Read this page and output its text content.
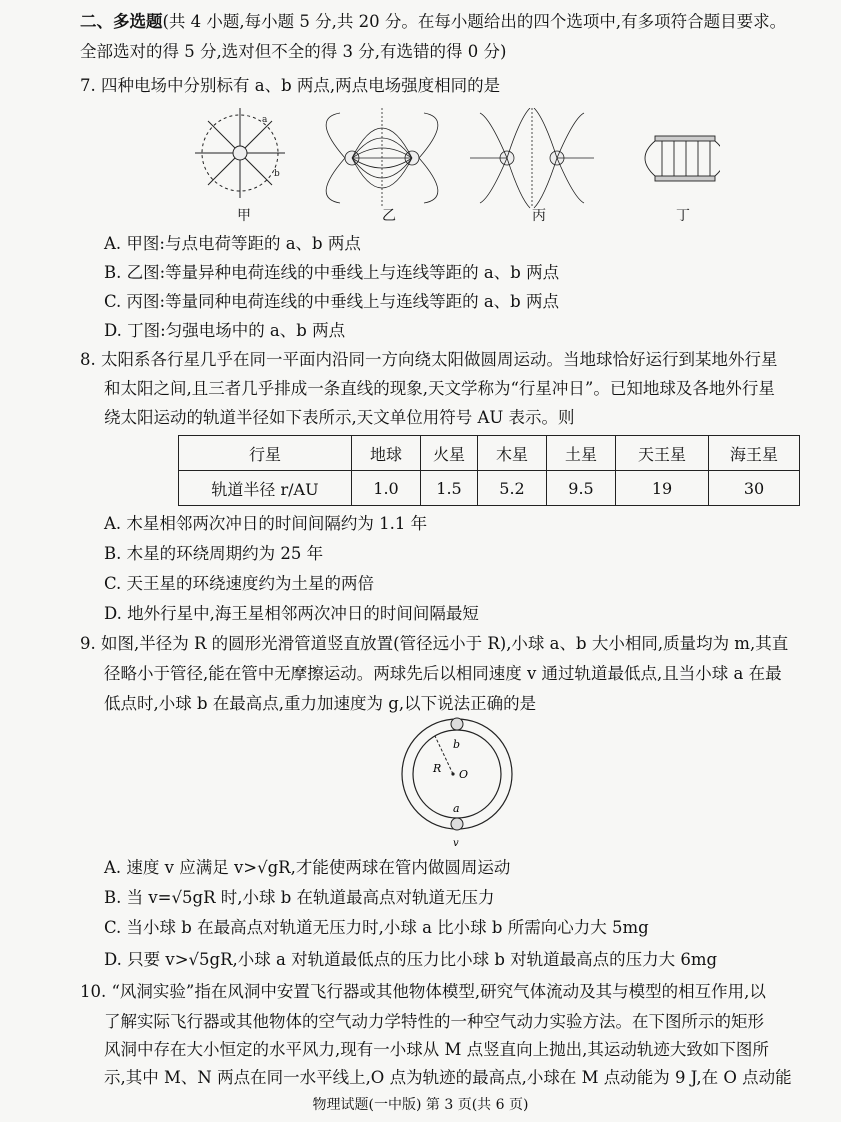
二、多选题(共 4 小题,每小题 5 分,共 20 分。在每小题给出的四个选项中,有多项符合题目要求。
全部选对的得 5 分,选对但不全的得 3 分,有选错的得 0 分)
7. 四种电场中分别标有 a、b 两点,两点电场强度相同的是
a
b
甲	乙	丙	丁
A. 甲图:与点电荷等距的 a、b 两点
B. 乙图:等量异种电荷连线的中垂线上与连线等距的 a、b 两点
C. 丙图:等量同种电荷连线的中垂线上与连线等距的 a、b 两点
D. 丁图:匀强电场中的 a、b 两点
8. 太阳系各行星几乎在同一平面内沿同一方向绕太阳做圆周运动。当地球恰好运行到某地外行星
和太阳之间,且三者几乎排成一条直线的现象,天文学称为“行星冲日”。已知地球及各地外行星
绕太阳运动的轨道半径如下表所示,天文单位用符号 AU 表示。则
行星	地球	火星	木星	土星	天王星	海王星
轨道半径 r/AU	1.0	1.5	5.2	9.5	19	30
A. 木星相邻两次冲日的时间间隔约为 1.1 年
B. 木星的环绕周期约为 25 年
C. 天王星的环绕速度约为土星的两倍
D. 地外行星中,海王星相邻两次冲日的时间间隔最短
9. 如图,半径为 R 的圆形光滑管道竖直放置(管径远小于 R),小球 a、b 大小相同,质量均为 m,其直
径略小于管径,能在管中无摩擦运动。两球先后以相同速度 v 通过轨道最低点,且当小球 a 在最
低点时,小球 b 在最高点,重力加速度为 g,以下说法正确的是
b
R O
a
v
A. 速度 v 应满足 v>√gR,才能使两球在管内做圆周运动
B. 当 v=√5gR 时,小球 b 在轨道最高点对轨道无压力
C. 当小球 b 在最高点对轨道无压力时,小球 a 比小球 b 所需向心力大 5mg
D. 只要 v>√5gR,小球 a 对轨道最低点的压力比小球 b 对轨道最高点的压力大 6mg
10. “风洞实验”指在风洞中安置飞行器或其他物体模型,研究气体流动及其与模型的相互作用,以
了解实际飞行器或其他物体的空气动力学特性的一种空气动力实验方法。在下图所示的矩形
风洞中存在大小恒定的水平风力,现有一小球从 M 点竖直向上抛出,其运动轨迹大致如下图所
示,其中 M、N 两点在同一水平线上,O 点为轨迹的最高点,小球在 M 点动能为 9 J,在 O 点动能
物理试题(一中版) 第 3 页(共 6 页)
